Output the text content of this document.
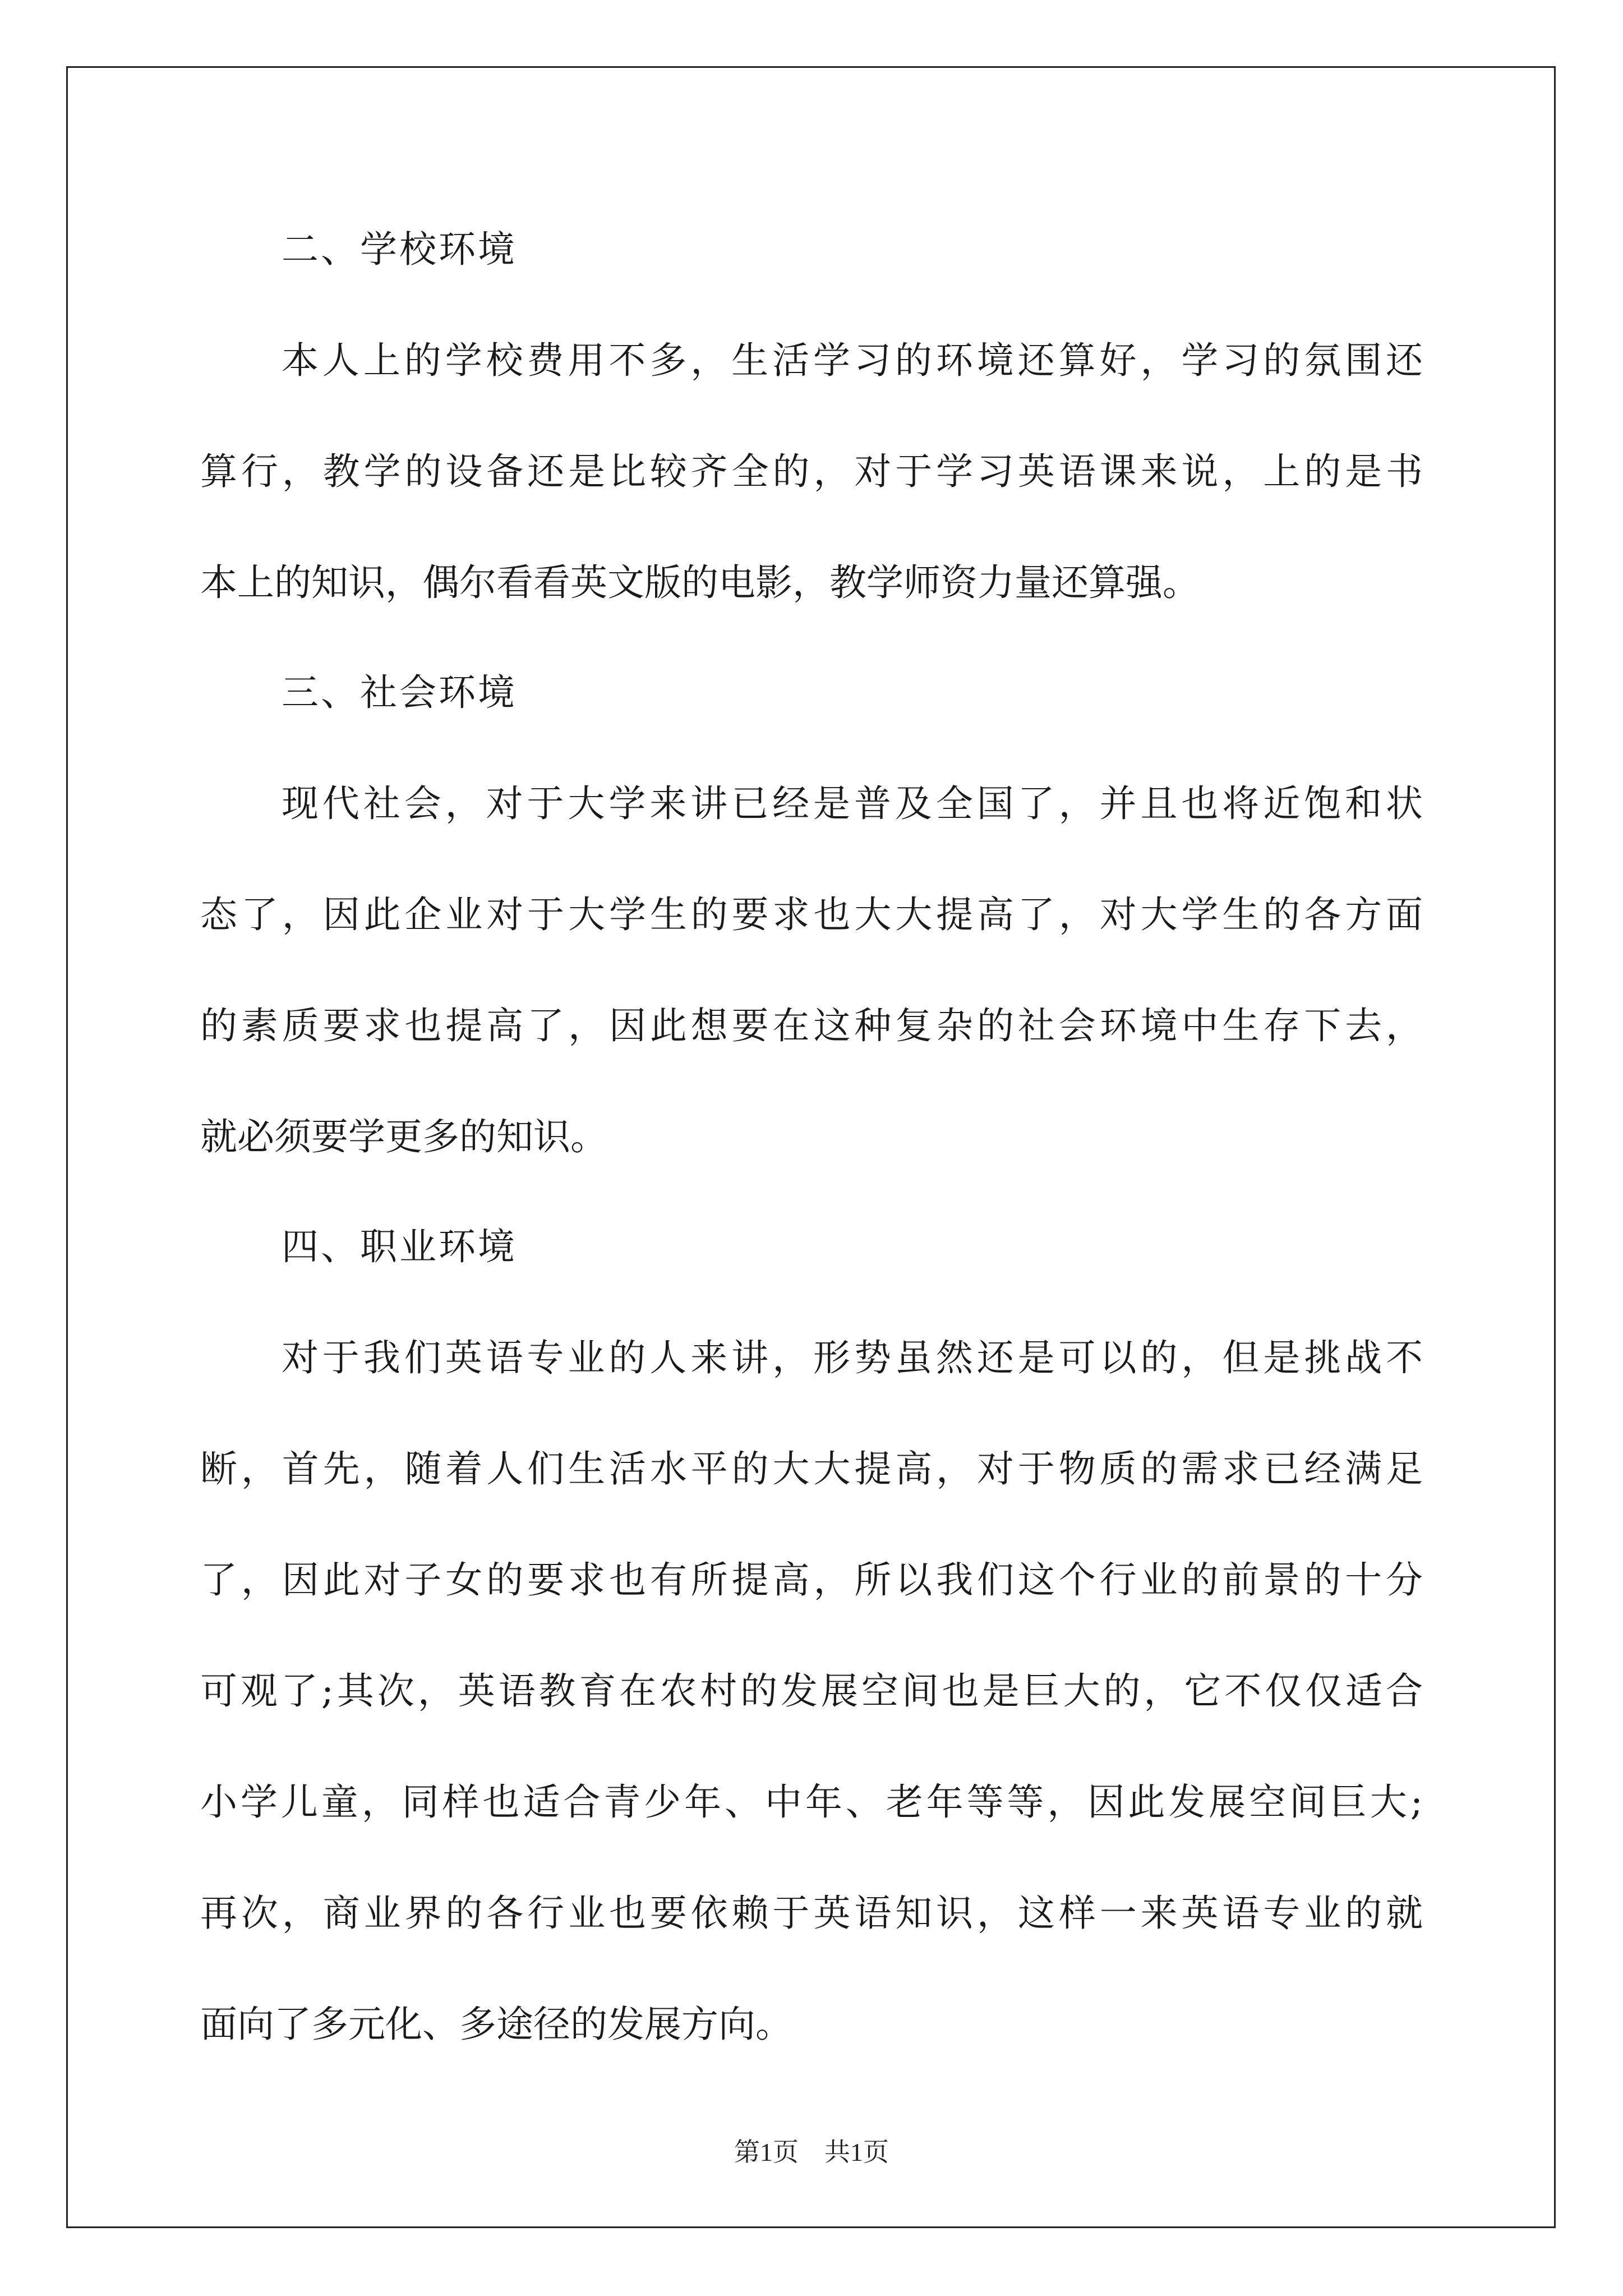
二、学校环境
本人上的学校费用不多，生活学习的环境还算好，学习的氛围还
算行，教学的设备还是比较齐全的，对于学习英语课来说，上的是书
本上的知识，偶尔看看英文版的电影，教学师资力量还算强。
三、社会环境
现代社会，对于大学来讲已经是普及全国了，并且也将近饱和状
态了，因此企业对于大学生的要求也大大提高了，对大学生的各方面
的素质要求也提高了，因此想要在这种复杂的社会环境中生存下去，
就必须要学更多的知识。
四、职业环境
对于我们英语专业的人来讲，形势虽然还是可以的，但是挑战不
断，首先，随着人们生活水平的大大提高，对于物质的需求已经满足
了，因此对子女的要求也有所提高，所以我们这个行业的前景的十分
可观了;其次，英语教育在农村的发展空间也是巨大的，它不仅仅适合
小学儿童，同样也适合青少年、中年、老年等等，因此发展空间巨大;
再次，商业界的各行业也要依赖于英语知识，这样一来英语专业的就
面向了多元化、多途径的发展方向。
第1页　共1页
